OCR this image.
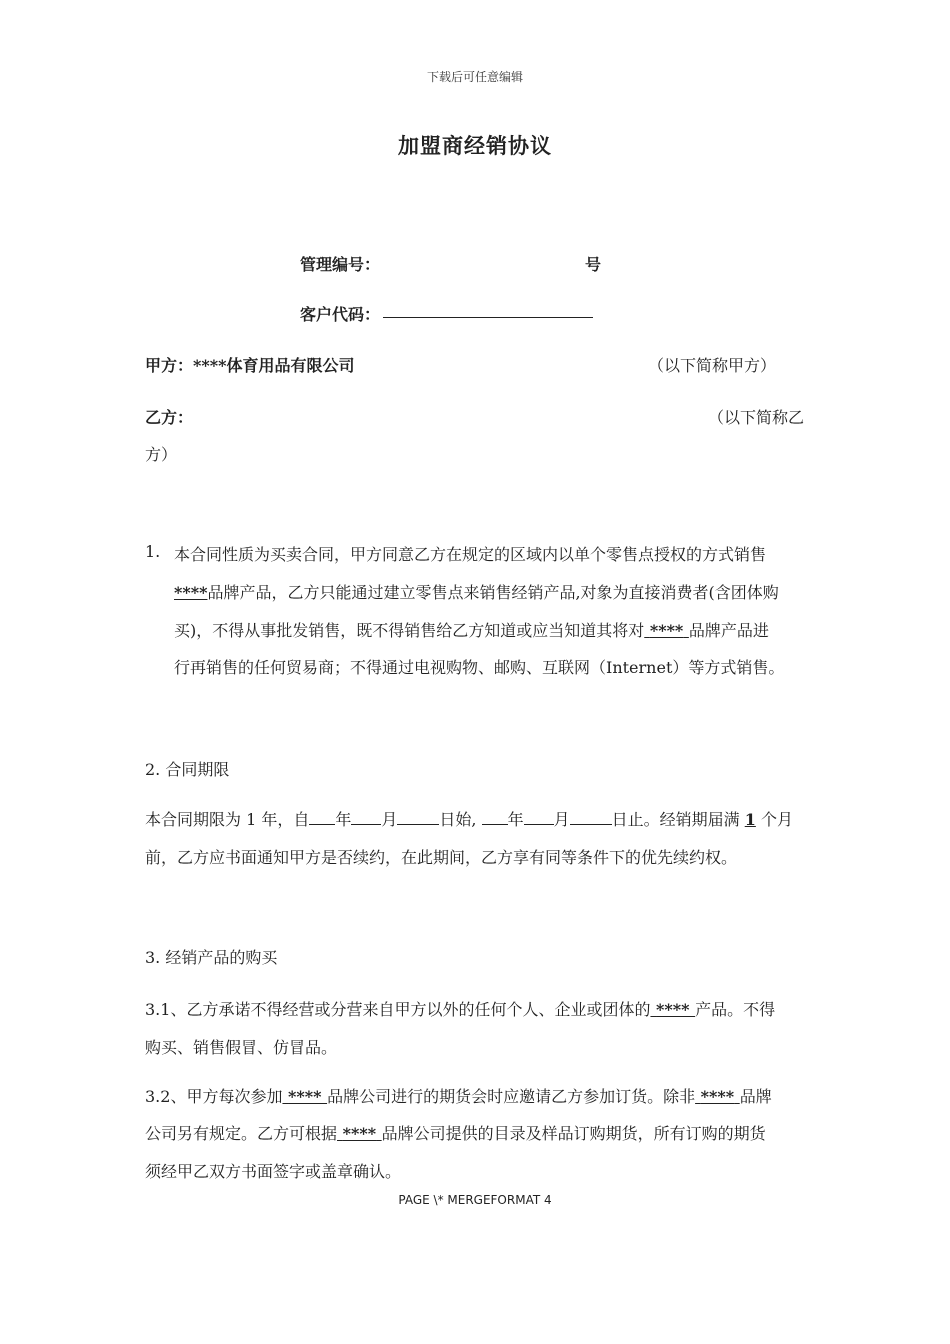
下载后可任意编辑
加盟商经销协议
管理编号：	号
客户代码：
甲方：****体育用品有限公司	（以下简称甲方）
乙方：	（以下简称乙
方）
1. 本合同性质为买卖合同，甲方同意乙方在规定的区域内以单个零售点授权的方式销售
****品牌产品，乙方只能通过建立零售点来销售经销产品,对象为直接消费者(含团体购
买)，不得从事批发销售，既不得销售给乙方知道或应当知道其将对 **** 品牌产品进
行再销售的任何贸易商；不得通过电视购物、邮购、互联网（Internet）等方式销售。
2. 合同期限
本合同期限为 1 年，自 年 月	日始, 年 月	日止。经销期届满 1 个月
前，乙方应书面通知甲方是否续约，在此期间，乙方享有同等条件下的优先续约权。
3. 经销产品的购买
3.1、乙方承诺不得经营或分营来自甲方以外的任何个人、企业或团体的 **** 产品。不得
购买、销售假冒、仿冒品。
3.2、甲方每次参加 **** 品牌公司进行的期货会时应邀请乙方参加订货。除非 **** 品牌
公司另有规定。乙方可根据 **** 品牌公司提供的目录及样品订购期货，所有订购的期货
须经甲乙双方书面签字或盖章确认。
PAGE \* MERGEFORMAT 4
